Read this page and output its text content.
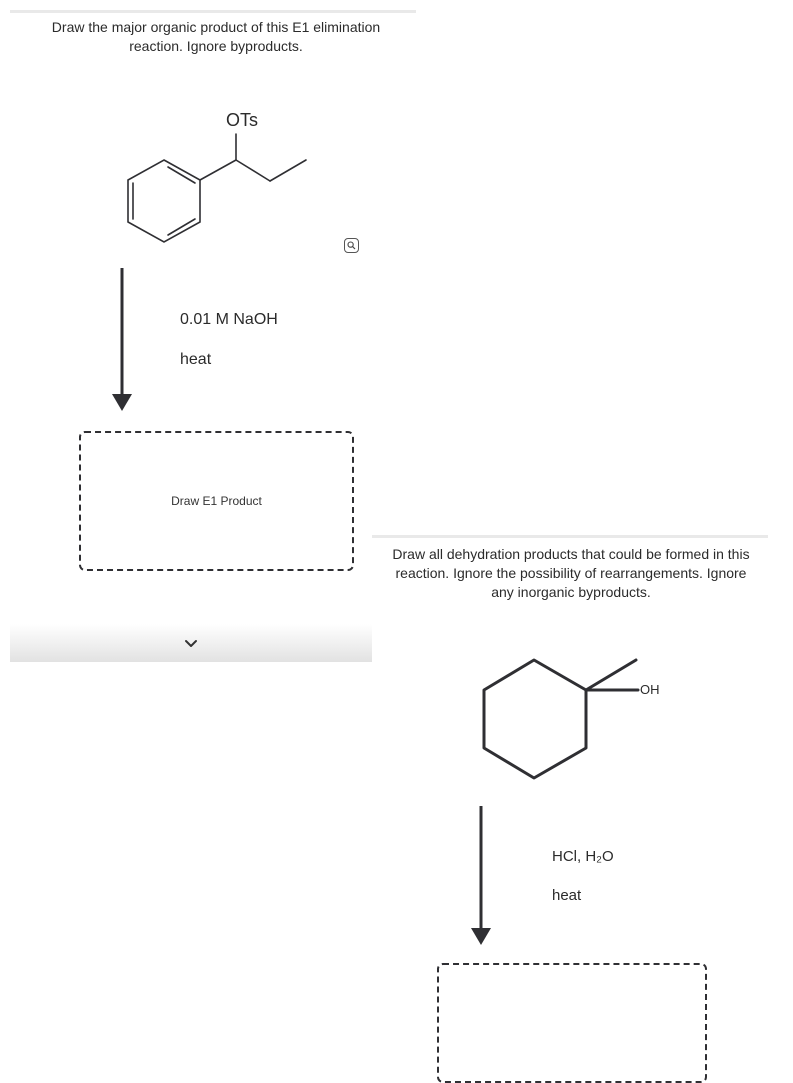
Draw the major organic product of this E1 elimination reaction. Ignore byproducts.
OTs
0.01 M NaOH
heat
Draw E1 Product
Draw all dehydration products that could be formed in this reaction. Ignore the possibility of rearrangements. Ignore any inorganic byproducts.
OH
HCl, H₂O
heat
